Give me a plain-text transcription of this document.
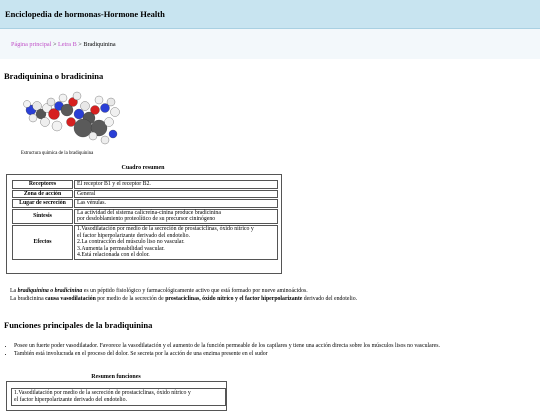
Enciclopedia de hormonas-Hormone Health
Página principal > Letra B > Bradiquinina
Bradiquinina o bradicinina
Estructura química de la bradiquinina
Cuadro resumen
Receptores	El receptor B1 y el receptor B2.
Zona de acción	General
Lugar de secreción	Las vénulas.
Síntesis	La actividad del sistema calicreína-cinina produce bradicinina
por desdoblamiento proteolítico de su precursor cininógeno
Efectos	1.Vasodilatación por medio de la secreción de prostaciclinas, óxido nítrico y
el factor hiperpolarizante derivado del endotelio.
2.La contracción del músculo liso no vascular.
3.Aumenta la permeabilidad vascular.
4.Está relacionada con el dolor.
La bradiquinina o bradicinina es un péptido fisiológico y farmacológicamente activo que está formado por nueve aminoácidos.
La bradicinina causa vasodilatación por medio de la secreción de prostaciclinas, óxido nítrico y el factor hiperpolarizante derivado del endotelio.
Funciones principales de la bradiquinina
• Posee un fuerte poder vasodilatador. Favorece la vasodilatación y el aumento de la función permeable de los capilares y tiene una acción directa sobre los músculos lisos no vasculares.
• También está involucrada en el proceso del dolor. Se secreta por la acción de una enzima presente en el sudor
Resumen funciones
1.Vasodilatación por medio de la secreción de prostaciclinas, óxido nítrico y
el factor hiperpolarizante derivado del endotelio.
